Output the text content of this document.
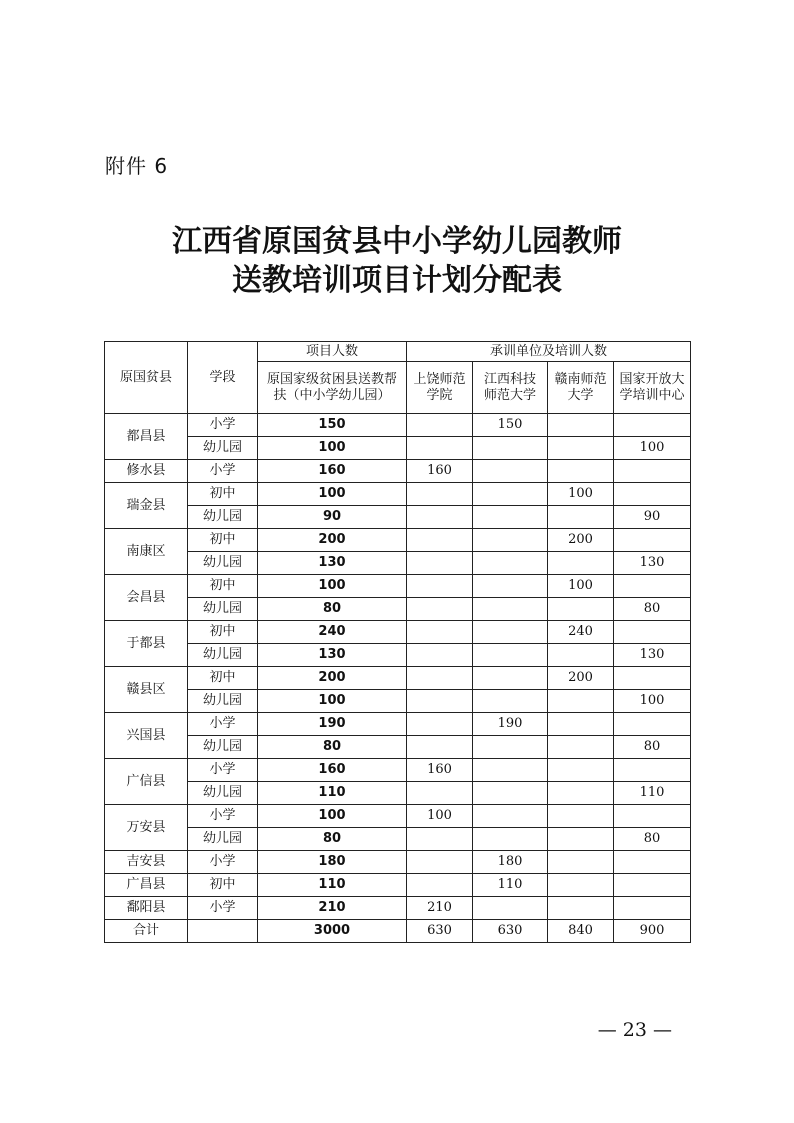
附件 6
江西省原国贫县中小学幼儿园教师
送教培训项目计划分配表
原国贫县	学段	项目人数	承训单位及培训人数			
		原国家级贫困县送教帮扶（中小学幼儿园）	上饶师范学院	江西科技师范大学	赣南师范大学	国家开放大学培训中心
都昌县	小学	150		150		
	幼儿园	100				100
修水县	小学	160	160			
瑞金县	初中	100			100	
	幼儿园	90				90
南康区	初中	200			200	
	幼儿园	130				130
会昌县	初中	100			100	
	幼儿园	80				80
于都县	初中	240			240	
	幼儿园	130				130
赣县区	初中	200			200	
	幼儿园	100				100
兴国县	小学	190		190		
	幼儿园	80				80
广信县	小学	160	160			
	幼儿园	110				110
万安县	小学	100	100			
	幼儿园	80				80
吉安县	小学	180		180		
广昌县	初中	110		110		
鄱阳县	小学	210	210			
合计		3000	630	630	840	900
— 23 —
